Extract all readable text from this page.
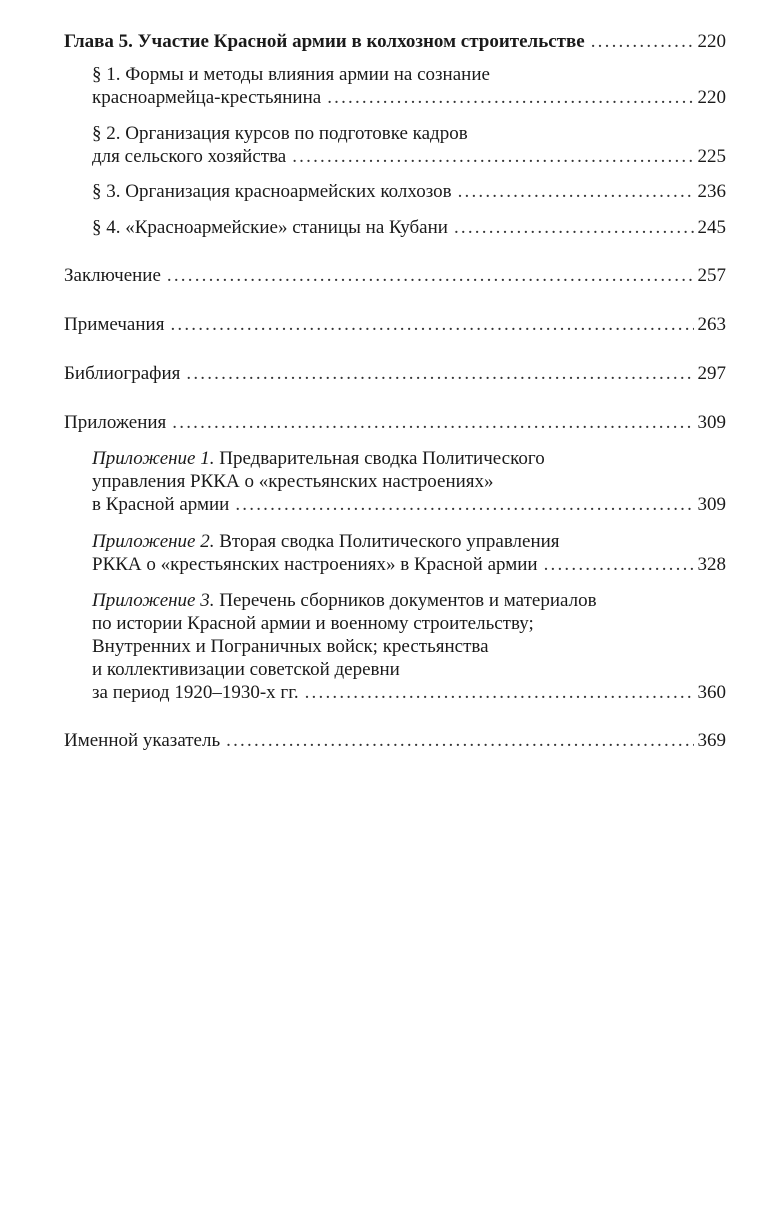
Глава 5. Участие Красной армии в колхозном строительстве .....	220
§ 1. Формы и методы влияния армии на сознание
красноармейца-крестьянина .....	220
§ 2. Организация курсов по подготовке кадров
для сельского хозяйства .....	225
§ 3. Организация красноармейских колхозов .....	236
§ 4. «Красноармейские» станицы на Кубани .....	245
Заключение .....	257
Примечания .....	263
Библиография .....	297
Приложения .....	309
Приложение 1. Предварительная сводка Политического
управления РККА о «крестьянских настроениях»
в Красной армии .....	309
Приложение 2. Вторая сводка Политического управления
РККА о «крестьянских настроениях» в Красной армии .....	328
Приложение 3. Перечень сборников документов и материалов
по истории Красной армии и военному строительству;
Внутренних и Пограничных войск; крестьянства
и коллективизации советской деревни
за период 1920–1930-х гг. .....	360
Именной указатель .....	369
